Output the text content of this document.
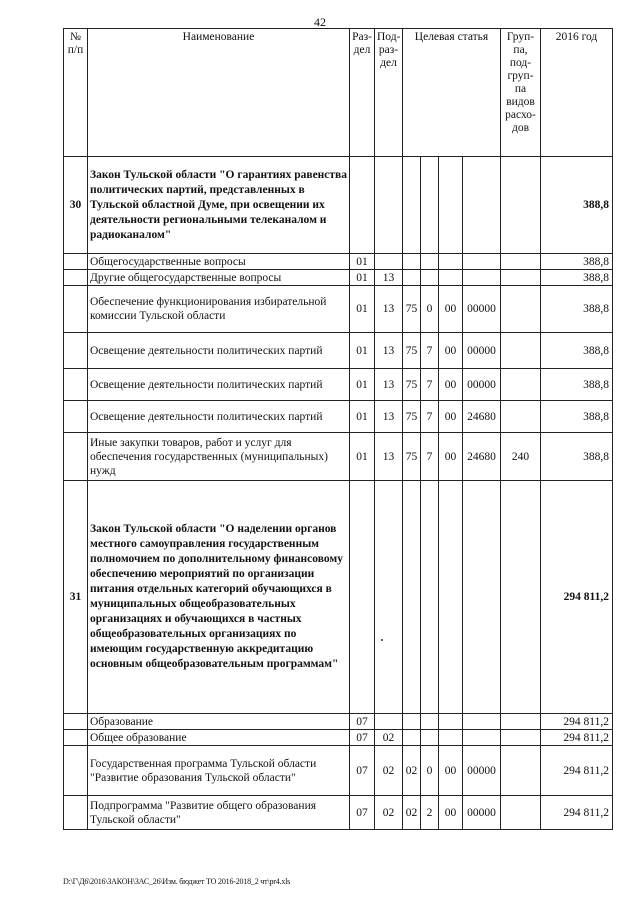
42
№ п/п	Наименование	Раз-дел	Под-раз-дел	Целевая статья				Груп-па, под-груп-па видов расхо-дов	2016 год
30	Закон Тульской области "О гарантиях равенства политических партий, представленных в Тульской областной Думе, при освещении их деятельности региональными телеканалом и радиоканалом"								388,8
	Общегосударственные вопросы	01							388,8
	Другие общегосударственные вопросы	01	13						388,8
	Обеспечение функционирования избирательной комиссии Тульской области	01	13	75	0	00	00000		388,8
	Освещение деятельности политических партий	01	13	75	7	00	00000		388,8
	Освещение деятельности политических партий	01	13	75	7	00	00000		388,8
	Освещение деятельности политических партий	01	13	75	7	00	24680		388,8
	Иные закупки товаров, работ и услуг для обеспечения государственных (муниципальных) нужд	01	13	75	7	00	24680	240	388,8
31	Закон Тульской области "О наделении органов местного самоуправления государственным полномочием по дополнительному финансовому обеспечению мероприятий по организации питания отдельных категорий обучающихся в муниципальных общеобразовательных организациях и обучающихся в частных общеобразовательных организациях по имеющим государственную аккредитацию основным общеобразовательным программам"								294 811,2
	Образование	07							294 811,2
	Общее образование	07	02						294 811,2
	Государственная программа Тульской области "Развитие образования Тульской области"	07	02	02	0	00	00000		294 811,2
	Подпрограмма "Развитие общего образования Тульской области"	07	02	02	2	00	00000		294 811,2
D:\Г\Д6\2016\ЗАКОН\ЗАС_26\Изм. бюджет ТО 2016-2018_2 чт\pr4.xls
